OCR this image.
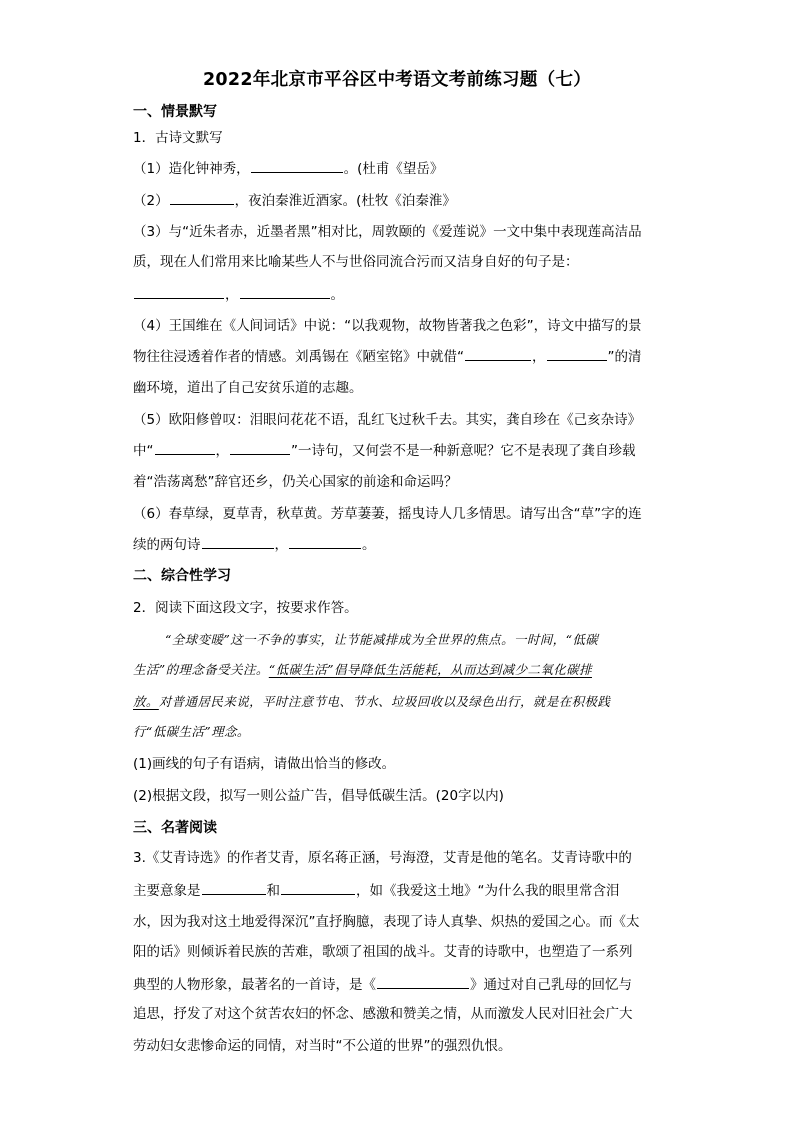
2022年北京市平谷区中考语文考前练习题（七）
一、情景默写
1．古诗文默写
（1）造化钟神秀，	。(杜甫《望岳》
（2）	，夜泊秦淮近酒家。(杜牧《泊秦淮》
（3）与“近朱者赤，近墨者黑”相对比，周敦颐的《爱莲说》一文中集中表现莲高洁品
质，现在人们常用来比喻某些人不与世俗同流合污而又洁身自好的句子是：
，	。
（4）王国维在《人间词话》中说：“以我观物，故物皆著我之色彩”，诗文中描写的景
物往往浸透着作者的情感。刘禹锡在《陋室铭》中就借“	，	”的清
幽环境，道出了自己安贫乐道的志趣。
（5）欧阳修曾叹：泪眼问花花不语，乱红飞过秋千去。其实，龚自珍在《己亥杂诗》
中“	，	”一诗句，又何尝不是一种新意呢？它不是表现了龚自珍载
着“浩荡离愁”辞官还乡，仍关心国家的前途和命运吗？
（6）春草绿，夏草青，秋草黄。芳草萋萋，摇曳诗人几多情思。请写出含“草”字的连
续的两句诗	，	。
二、综合性学习
2．阅读下面这段文字，按要求作答。
“全球变暖”这一不争的事实，让节能减排成为全世界的焦点。一时间，“低碳
生活”的理念备受关注。“低碳生活”倡导降低生活能耗，从而达到减少二氧化碳排
放。对普通居民来说，平时注意节电、节水、垃圾回收以及绿色出行，就是在积极践
行“低碳生活”理念。
(1)画线的句子有语病，请做出恰当的修改。
(2)根据文段，拟写一则公益广告，倡导低碳生活。(20字以内)
三、名著阅读
3.《艾青诗选》的作者艾青，原名蒋正涵，号海澄，艾青是他的笔名。艾青诗歌中的
主要意象是	和	，如《我爱这土地》“为什么我的眼里常含泪
水，因为我对这土地爱得深沉”直抒胸臆，表现了诗人真挚、炽热的爱国之心。而《太
阳的话》则倾诉着民族的苦难，歌颂了祖国的战斗。艾青的诗歌中，也塑造了一系列
典型的人物形象，最著名的一首诗，是《	》通过对自己乳母的回忆与
追思，抒发了对这个贫苦农妇的怀念、感激和赞美之情，从而激发人民对旧社会广大
劳动妇女悲惨命运的同情，对当时“不公道的世界”的强烈仇恨。
